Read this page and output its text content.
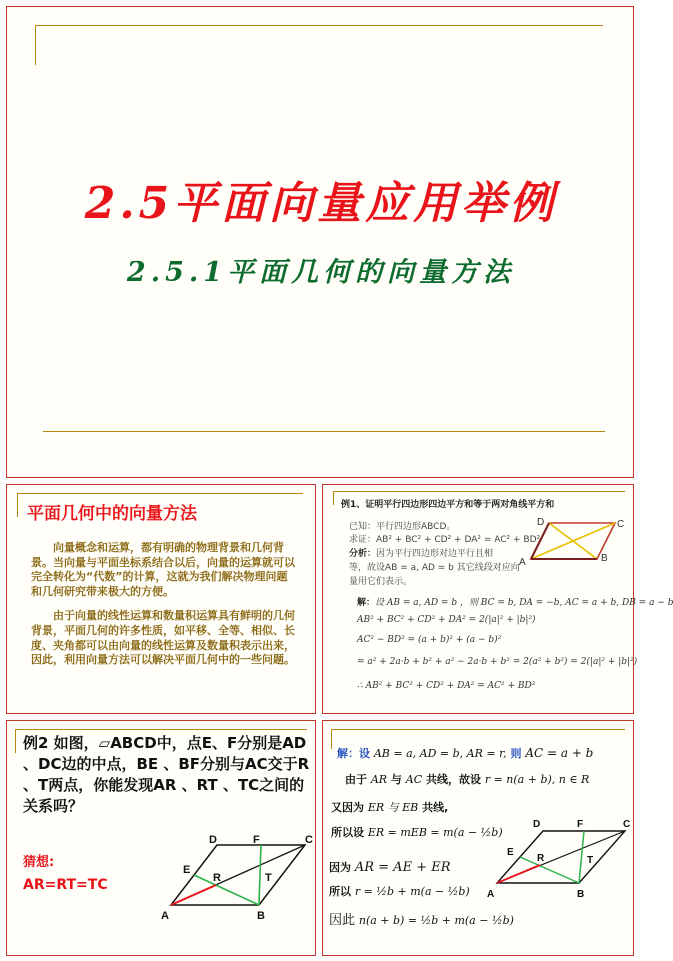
2.5平面向量应用举例
2.5.1平面几何的向量方法
平面几何中的向量方法

向量概念和运算，都有明确的物理背景和几何背景。当向量与平面坐标系结合以后，向量的运算就可以完全转化为“代数”的计算，这就为我们解决物理问题和几何研究带来极大的方便。

由于向量的线性运算和数量积运算具有鲜明的几何背景，平面几何的许多性质，如平移、全等、相似、长度、夹角都可以由向量的线性运算及数量积表示出来，因此，利用向量方法可以解决平面几何中的一些问题。

例1、证明平行四边形四边平方和等于两对角线平方和
已知：平行四边形ABCD。
求证：AB² + BC² + CD² + DA² = AC² + BD²
分析：因为平行四边形对边平行且相
等，故设AB = a, AD = b 其它线段对应向
量用它们表示。
解：设 AB = a, AD = b ，则 BC = b, DA = −b, AC = a + b, DB = a − b
AB² + BC² + CD² + DA² = 2(|a|² + |b|²)
AC² − BD² = (a + b)² + (a − b)²
= a² + 2a·b + b² + a² − 2a·b + b² = 2(a² + b²) = 2(|a|² + |b|²)
∴ AB² + BC² + CD² + DA² = AC² + BD²
A	B
C
D
例2 如图，▱ABCD中，点E、F分别是AD 、DC边的中点，BE 、BF分别与AC交于R 、T两点，你能发现AR 、RT 、TC之间的关系吗？
猜想:
AR=RT=TC
A	B
C
D
E
F
R	T
解：设 AB = a, AD = b, AR = r, 则 AC = a + b
由于 AR 与 AC 共线，故设 r = n(a + b), n ∈ R
又因为 ER 与 EB 共线,
所以设 ER = mEB = m(a − ½b)
因为 AR = AE + ER
所以 r = ½b + m(a − ½b)
因此 n(a + b) = ½b + m(a − ½b)
A	B
C
D
E
F
R	T
